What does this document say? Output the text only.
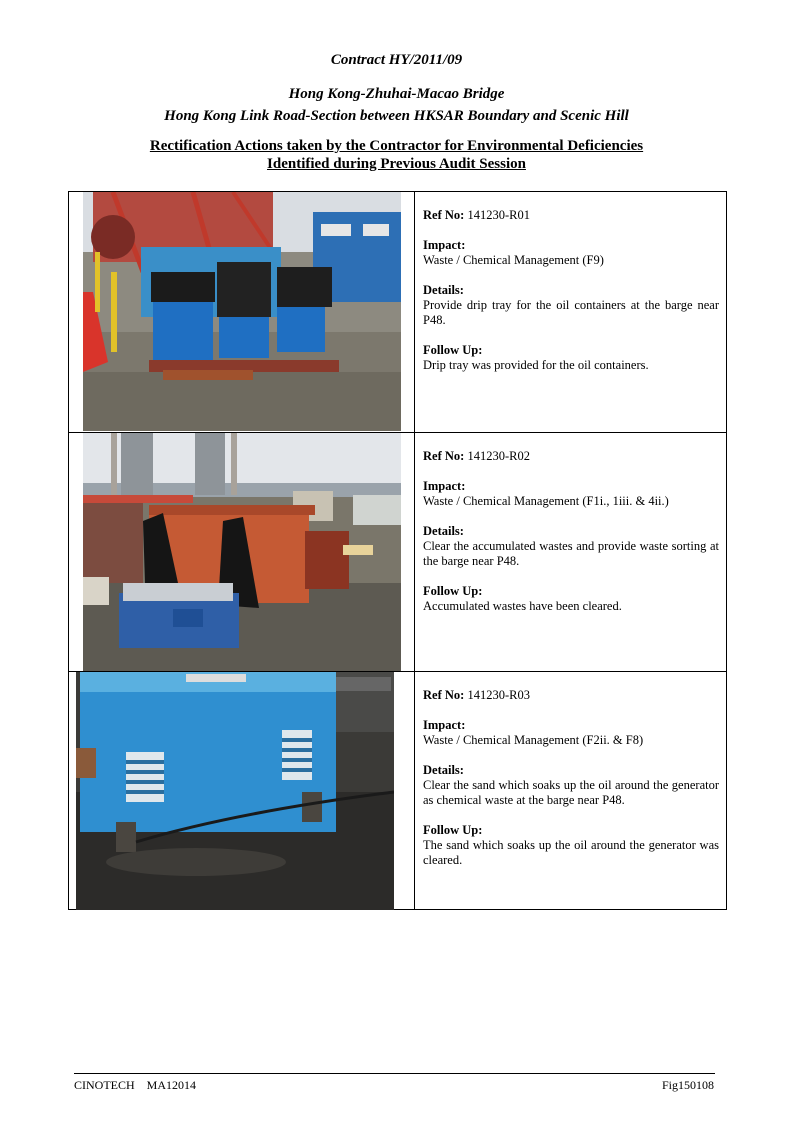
Contract HY/2011/09
Hong Kong-Zhuhai-Macao Bridge
Hong Kong Link Road-Section between HKSAR Boundary and Scenic Hill
Rectification Actions taken by the Contractor for Environmental Deficiencies
Identified during Previous Audit Session

Ref No: 141230-R01

Impact:
Waste / Chemical Management (F9)

Details:
Provide drip tray for the oil containers at the barge near P48.

Follow Up:
Drip tray was provided for the oil containers.

Ref No: 141230-R02

Impact:
Waste / Chemical Management (F1i., 1iii. & 4ii.)

Details:
Clear the accumulated wastes and provide waste sorting at the barge near P48.

Follow Up:
Accumulated wastes have been cleared.

Ref No: 141230-R03

Impact:
Waste / Chemical Management (F2ii. & F8)

Details:
Clear the sand which soaks up the oil around the generator as chemical waste at the barge near P48.

Follow Up:
The sand which soaks up the oil around the generator was cleared.

CINOTECH    MA12014	Fig150108
